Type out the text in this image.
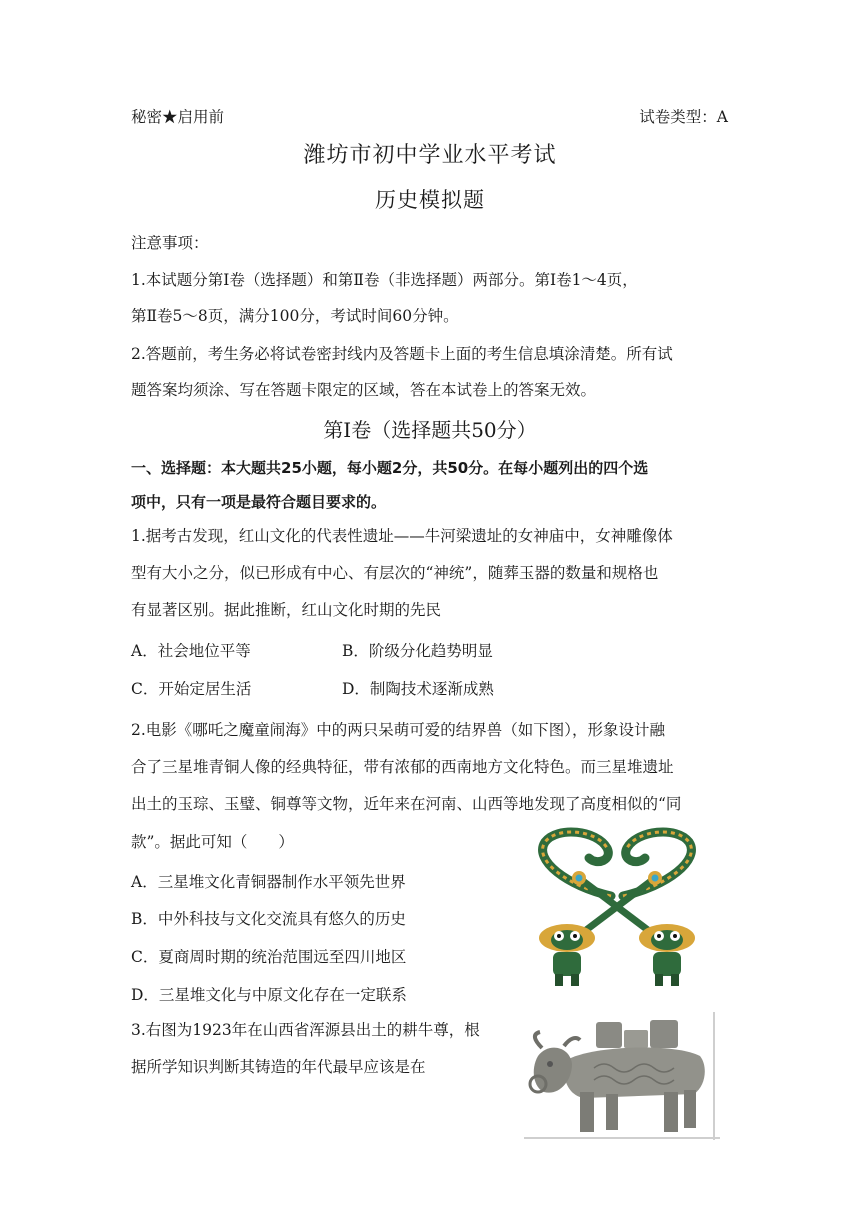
秘密★启用前	试卷类型：A
潍坊市初中学业水平考试
历史模拟题
注意事项：
1.本试题分第Ⅰ卷（选择题）和第Ⅱ卷（非选择题）两部分。第Ⅰ卷1～4页，
第Ⅱ卷5～8页，满分100分，考试时间60分钟。
2.答题前，考生务必将试卷密封线内及答题卡上面的考生信息填涂清楚。所有试
题答案均须涂、写在答题卡限定的区域，答在本试卷上的答案无效。
第Ⅰ卷（选择题共50分）
一、选择题：本大题共25小题，每小题2分，共50分。在每小题列出的四个选
项中，只有一项是最符合题目要求的。
1.据考古发现，红山文化的代表性遗址——牛河梁遗址的女神庙中，女神雕像体
型有大小之分，似已形成有中心、有层次的“神统”，随葬玉器的数量和规格也
有显著区别。据此推断，红山文化时期的先民
A．社会地位平等	B．阶级分化趋势明显
C．开始定居生活	D．制陶技术逐渐成熟
2.电影《哪吒之魔童闹海》中的两只呆萌可爱的结界兽（如下图），形象设计融
合了三星堆青铜人像的经典特征，带有浓郁的西南地方文化特色。而三星堆遗址
出土的玉琮、玉璧、铜尊等文物，近年来在河南、山西等地发现了高度相似的“同
款”。据此可知（　　）
A．三星堆文化青铜器制作水平领先世界
B．中外科技与文化交流具有悠久的历史
C．夏商周时期的统治范围远至四川地区
D．三星堆文化与中原文化存在一定联系
3.右图为1923年在山西省浑源县出土的耕牛尊，根
据所学知识判断其铸造的年代最早应该是在
